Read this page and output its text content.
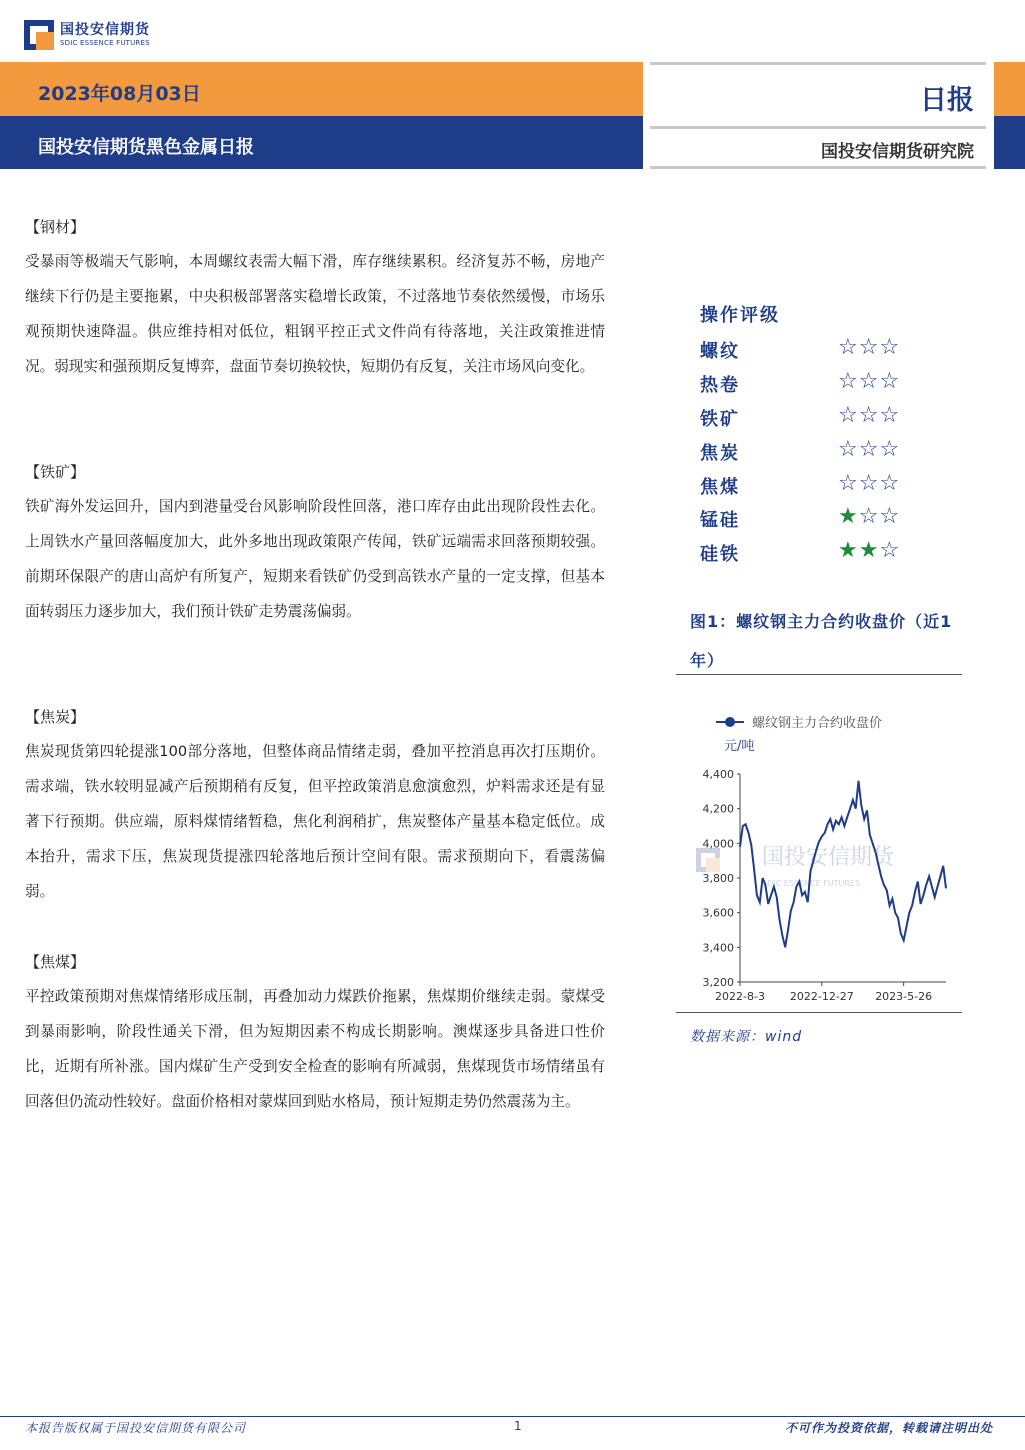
国投安信期货
SDIC ESSENCE FUTURES
2023年08月03日
国投安信期货黑色金属日报
日报
国投安信期货研究院
【钢材】
受暴雨等极端天气影响，本周螺纹表需大幅下滑，库存继续累积。经济复苏不畅，房地产继续下行仍是主要拖累，中央积极部署落实稳增长政策，不过落地节奏依然缓慢，市场乐观预期快速降温。供应维持相对低位，粗钢平控正式文件尚有待落地，关注政策推进情况。弱现实和强预期反复博弈，盘面节奏切换较快，短期仍有反复，关注市场风向变化。
【铁矿】
铁矿海外发运回升，国内到港量受台风影响阶段性回落，港口库存由此出现阶段性去化。上周铁水产量回落幅度加大，此外多地出现政策限产传闻，铁矿远端需求回落预期较强。前期环保限产的唐山高炉有所复产，短期来看铁矿仍受到高铁水产量的一定支撑，但基本面转弱压力逐步加大，我们预计铁矿走势震荡偏弱。
【焦炭】
焦炭现货第四轮提涨100部分落地，但整体商品情绪走弱，叠加平控消息再次打压期价。需求端，铁水较明显减产后预期稍有反复，但平控政策消息愈演愈烈，炉料需求还是有显著下行预期。供应端，原料煤情绪暂稳，焦化利润稍扩，焦炭整体产量基本稳定低位。成本抬升，需求下压，焦炭现货提涨四轮落地后预计空间有限。需求预期向下，看震荡偏弱。
【焦煤】
平控政策预期对焦煤情绪形成压制，再叠加动力煤跌价拖累，焦煤期价继续走弱。蒙煤受到暴雨影响，阶段性通关下滑，但为短期因素不构成长期影响。澳煤逐步具备进口性价比，近期有所补涨。国内煤矿生产受到安全检查的影响有所减弱，焦煤现货市场情绪虽有回落但仍流动性较好。盘面价格相对蒙煤回到贴水格局，预计短期走势仍然震荡为主。
操作评级
螺纹	☆☆☆
热卷	☆☆☆
铁矿	☆☆☆
焦炭	☆☆☆
焦煤	☆☆☆
锰硅	★☆☆
硅铁	★★☆
图1：螺纹钢主力合约收盘价（近1年）
国投安信期货
SDIC ESSENCE FUTURES
螺纹钢主力合约收盘价
元/吨
3,200
3,400
3,600
3,800
4,000
4,200
4,400
2022-8-3 2022-12-27 2023-5-26
数据来源：wind
本报告版权属于国投安信期货有限公司	1	不可作为投资依据，转载请注明出处
